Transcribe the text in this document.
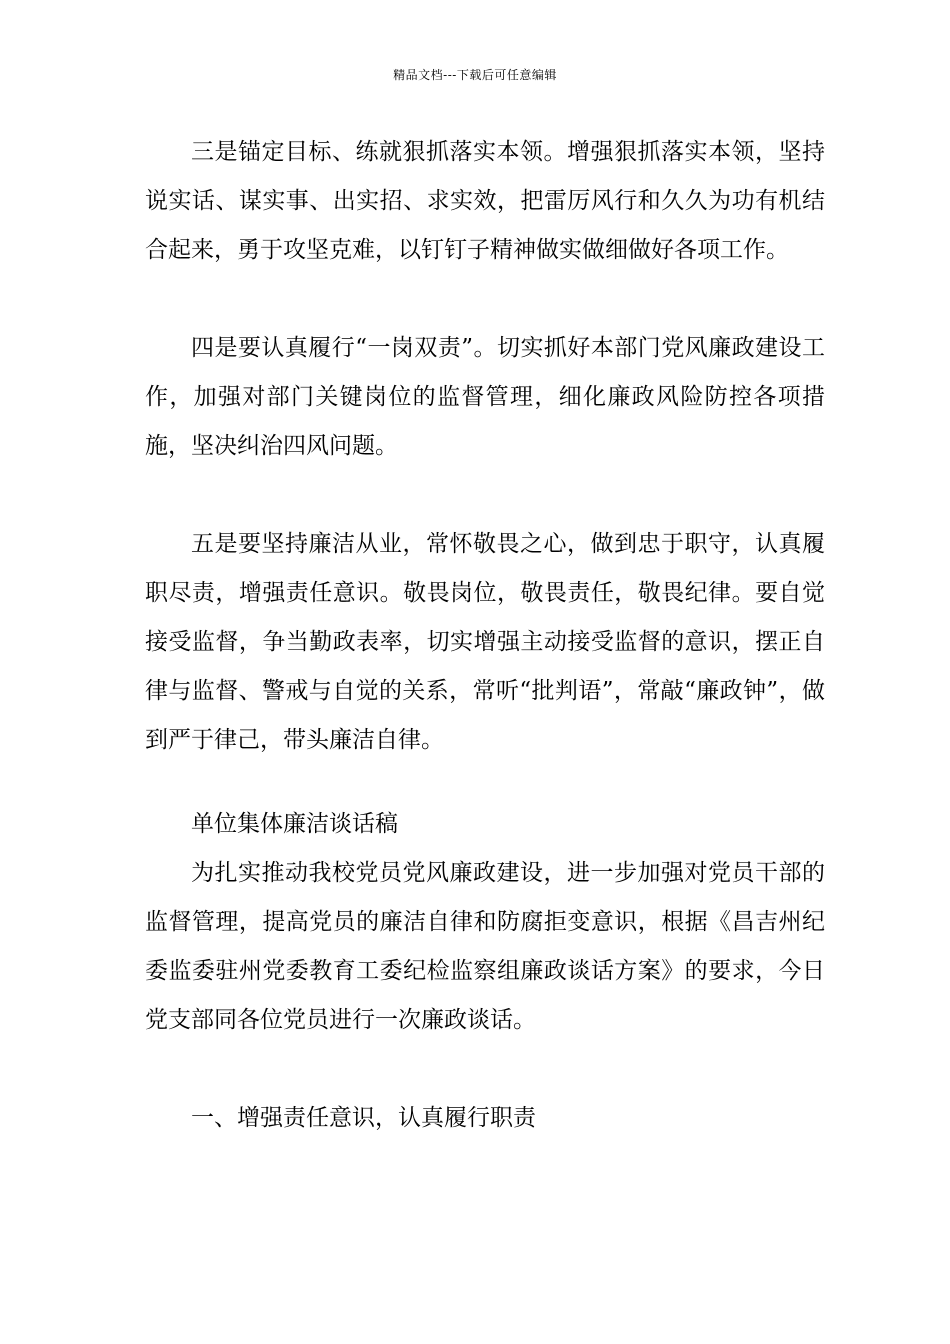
精品文档---下载后可任意编辑

三是锚定目标、练就狠抓落实本领。增强狠抓落实本领，坚持说实话、谋实事、出实招、求实效，把雷厉风行和久久为功有机结合起来，勇于攻坚克难，以钉钉子精神做实做细做好各项工作。

四是要认真履行“一岗双责”。切实抓好本部门党风廉政建设工作，加强对部门关键岗位的监督管理，细化廉政风险防控各项措施，坚决纠治四风问题。

五是要坚持廉洁从业，常怀敬畏之心，做到忠于职守，认真履职尽责，增强责任意识。敬畏岗位，敬畏责任，敬畏纪律。要自觉接受监督，争当勤政表率，切实增强主动接受监督的意识，摆正自律与监督、警戒与自觉的关系，常听“批判语”，常敲“廉政钟”，做到严于律己，带头廉洁自律。

单位集体廉洁谈话稿

为扎实推动我校党员党风廉政建设，进一步加强对党员干部的监督管理，提高党员的廉洁自律和防腐拒变意识，根据《昌吉州纪委监委驻州党委教育工委纪检监察组廉政谈话方案》的要求，今日党支部同各位党员进行一次廉政谈话。

一、增强责任意识，认真履行职责
